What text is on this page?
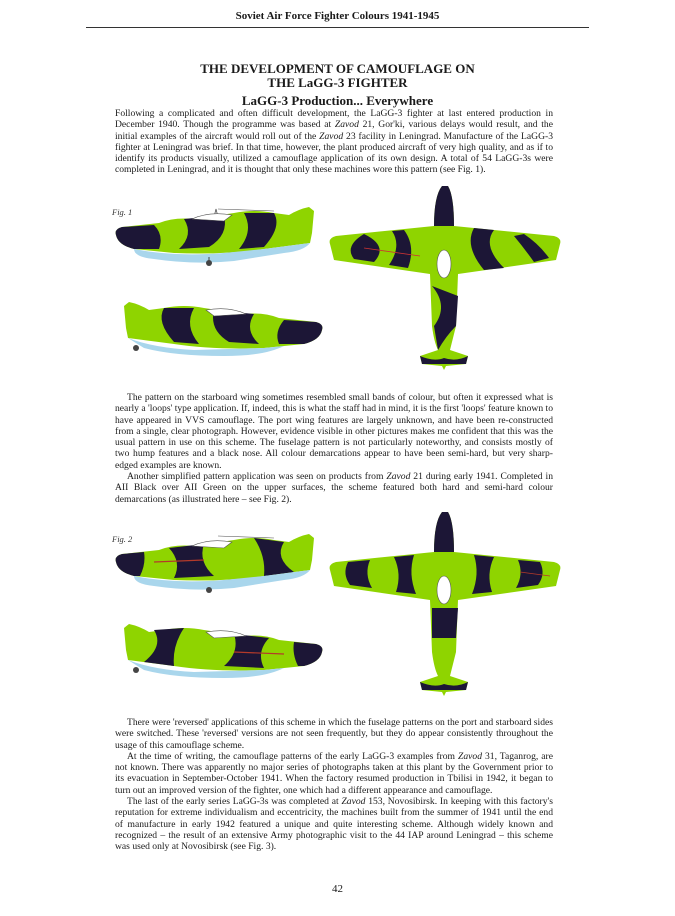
Soviet Air Force Fighter Colours 1941-1945
THE DEVELOPMENT OF CAMOUFLAGE ON
THE LaGG-3 FIGHTER
LaGG-3 Production... Everywhere

Following a complicated and often difficult development, the LaGG-3 fighter at last entered production in December 1940. Though the programme was based at Zavod 21, Gor'ki, various delays would result, and the initial examples of the aircraft would roll out of the Zavod 23 facility in Leningrad. Manufacture of the LaGG-3 fighter at Leningrad was brief. In that time, however, the plant produced aircraft of very high quality, and as if to identify its products visually, utilized a camouflage application of its own design. A total of 54 LaGG-3s were completed in Leningrad, and it is thought that only these machines wore this pattern (see Fig. 1).

Fig. 1

The pattern on the starboard wing sometimes resembled small bands of colour, but often it expressed what is nearly a 'loops' type application. If, indeed, this is what the staff had in mind, it is the first 'loops' feature known to have appeared in VVS camouflage. The port wing features are largely unknown, and have been re-constructed from a single, clear photograph. However, evidence visible in other pictures makes me confident that this was the usual pattern in use on this scheme. The fuselage pattern is not particularly noteworthy, and consists mostly of two hump features and a black nose. All colour demarcations appear to have been semi-hard, but very sharp-edged examples are known.

Another simplified pattern application was seen on products from Zavod 21 during early 1941. Completed in AII Black over AII Green on the upper surfaces, the scheme featured both hard and semi-hard colour demarcations (as illustrated here – see Fig. 2).

Fig. 2

There were 'reversed' applications of this scheme in which the fuselage patterns on the port and starboard sides were switched. These 'reversed' versions are not seen frequently, but they do appear consistently throughout the usage of this camouflage scheme.

At the time of writing, the camouflage patterns of the early LaGG-3 examples from Zavod 31, Taganrog, are not known. There was apparently no major series of photographs taken at this plant by the Government prior to its evacuation in September-October 1941. When the factory resumed production in Tbilisi in 1942, it began to turn out an improved version of the fighter, one which had a different appearance and camouflage.

The last of the early series LaGG-3s was completed at Zavod 153, Novosibirsk. In keeping with this factory's reputation for extreme individualism and eccentricity, the machines built from the summer of 1941 until the end of manufacture in early 1942 featured a unique and quite interesting scheme. Although widely known and recognized – the result of an extensive Army photographic visit to the 44 IAP around Leningrad – this scheme was used only at Novosibirsk (see Fig. 3).

42
